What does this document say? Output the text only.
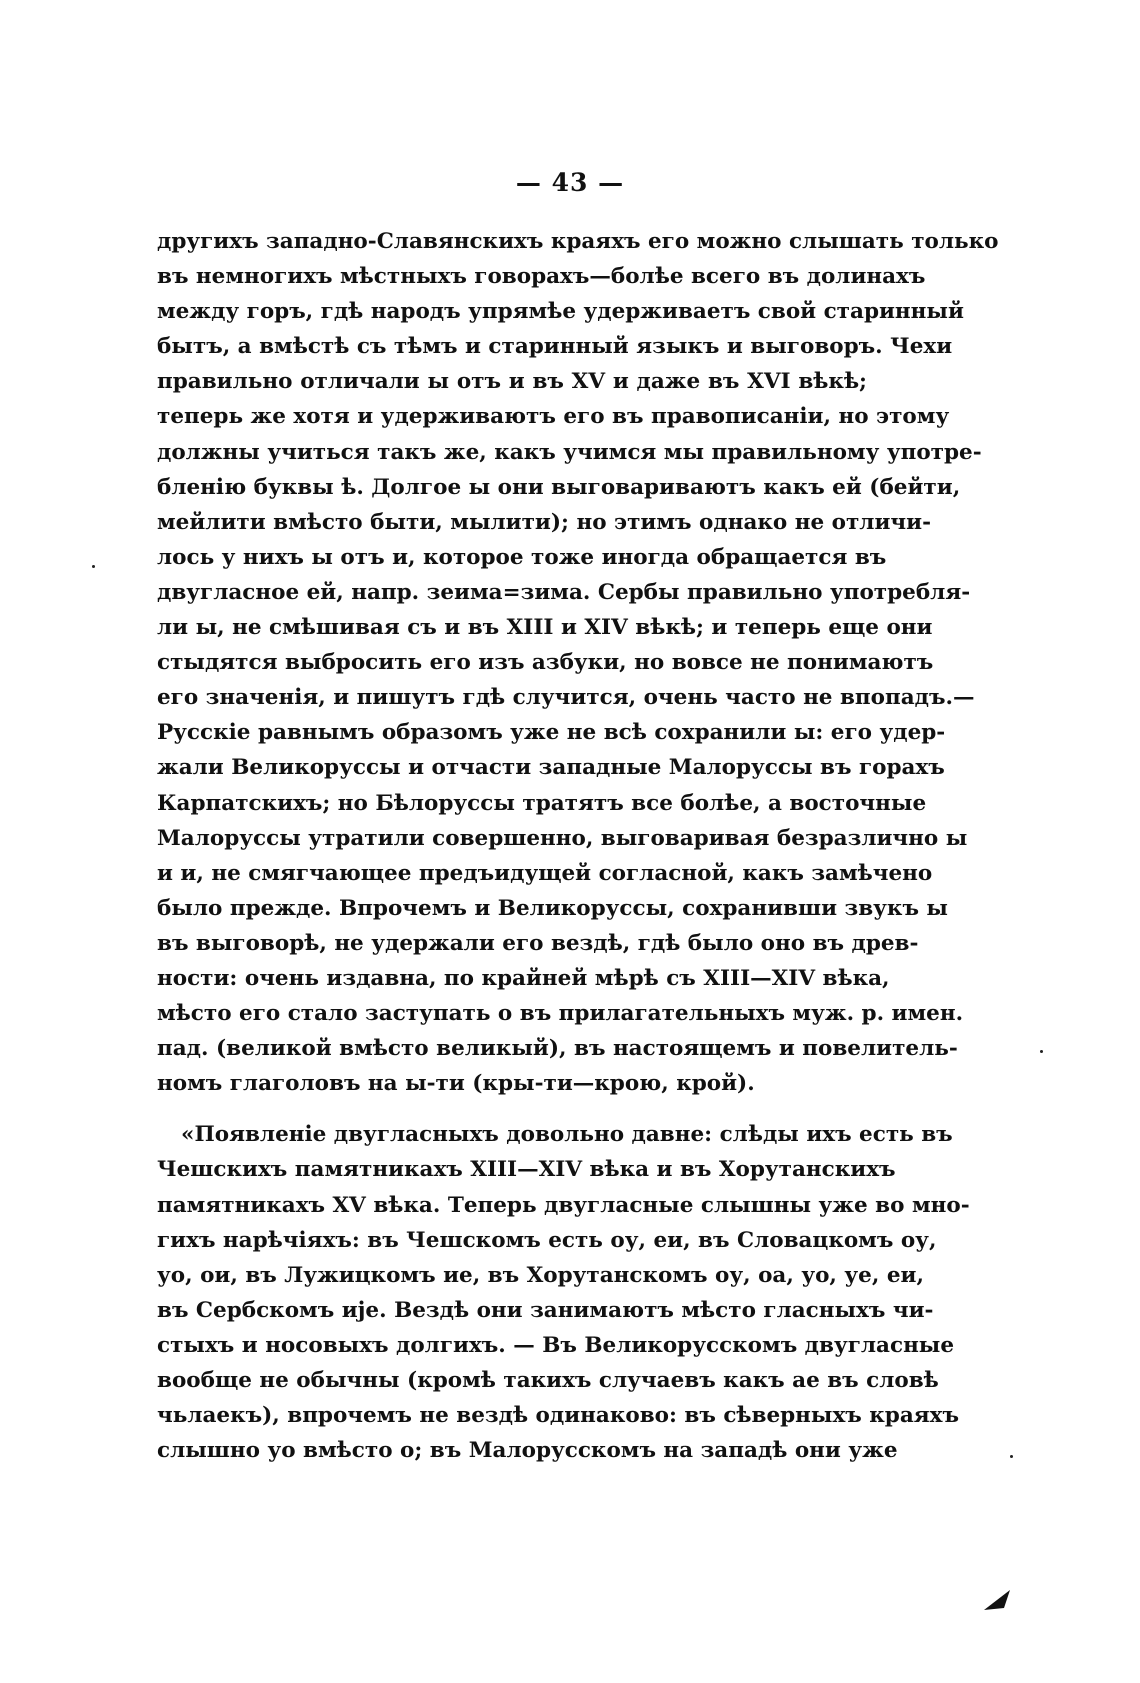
— 43 —
другихъ западно-Славянскихъ краяхъ его можно слышать только
въ немногихъ мѣстныхъ говорахъ—болѣе всего въ долинахъ
между горъ, гдѣ народъ упрямѣе удерживаетъ свой старинный
бытъ, а вмѣстѣ съ тѣмъ и старинный языкъ и выговоръ. Чехи
правильно отличали ы отъ и въ XV и даже въ XVI вѣкѣ;
теперь же хотя и удерживаютъ его въ правописанiи, но этому
должны учиться такъ же, какъ учимся мы правильному употре-
бленiю буквы ѣ. Долгое ы они выговариваютъ какъ ей (бейти,
мейлити вмѣсто быти, мылити); но этимъ однако не отличи-
лось у нихъ ы отъ и, которое тоже иногда обращается въ
двугласное ей, напр. зеима=зима. Сербы правильно употребля-
ли ы, не смѣшивая съ и въ XIII и XIV вѣкѣ; и теперь еще они
стыдятся выбросить его изъ азбуки, но вовсе не понимаютъ
его значенiя, и пишутъ гдѣ случится, очень часто не впопадъ.—
Русскiе равнымъ образомъ уже не всѣ сохранили ы: его удер-
жали Великоруссы и отчасти западные Малоруссы въ горахъ
Карпатскихъ; но Бѣлоруссы тратятъ все болѣе, а восточные
Малоруссы утратили совершенно, выговаривая безразлично ы
и и, не смягчающее предъидущей согласной, какъ замѣчено
было прежде. Впрочемъ и Великоруссы, сохранивши звукъ ы
въ выговорѣ, не удержали его вездѣ, гдѣ было оно въ древ-
ности: очень издавна, по крайней мѣрѣ съ XIII—XIV вѣка,
мѣсто его стало заступать о въ прилагательныхъ муж. р. имен.
пад. (великой вмѣсто великый), въ настоящемъ и повелитель-
номъ глаголовъ на ы-ти (кры-ти—крою, крой).
«Появленiе двугласныхъ довольно давне: слѣды ихъ есть въ
Чешскихъ памятникахъ XIII—XIV вѣка и въ Хорутанскихъ
памятникахъ XV вѣка. Теперь двугласные слышны уже во мно-
гихъ нарѣчiяхъ: въ Чешскомъ есть оу, еи, въ Словацкомъ оу,
уо, ои, въ Лужицкомъ ие, въ Хорутанскомъ оу, оа, уо, уе, еи,
въ Сербскомъ иjе. Вездѣ они занимаютъ мѣсто гласныхъ чи-
стыхъ и носовыхъ долгихъ. — Въ Великорусскомъ двугласные
вообще не обычны (кромѣ такихъ случаевъ какъ ае въ словѣ
чьлаекъ), впрочемъ не вездѣ одинаково: въ сѣверныхъ краяхъ
слышно уо вмѣсто о; въ Малорусскомъ на западѣ они уже
